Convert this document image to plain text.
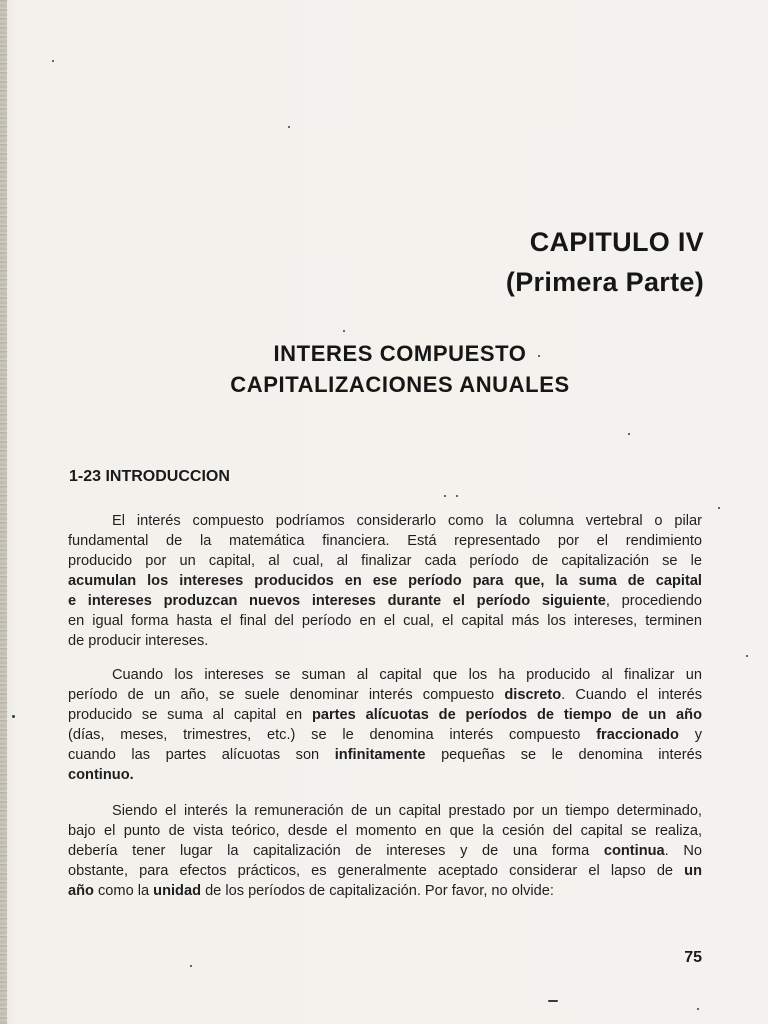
CAPITULO IV
(Primera Parte)
INTERES COMPUESTO
CAPITALIZACIONES ANUALES
1-23 INTRODUCCION
El interés compuesto podríamos considerarlo como la columna vertebral o pilar
fundamental de la matemática financiera. Está representado por el rendimiento
producido por un capital, al cual, al finalizar cada período de capitalización se le
acumulan los intereses producidos en ese período para que, la suma de capital
e intereses produzcan nuevos intereses durante el período siguiente, procediendo
en igual forma hasta el final del período en el cual, el capital más los intereses, terminen
de producir intereses.
Cuando los intereses se suman al capital que los ha producido al finalizar un
período de un año, se suele denominar interés compuesto discreto. Cuando el interés
producido se suma al capital en partes alícuotas de períodos de tiempo de un año
(días, meses, trimestres, etc.) se le denomina interés compuesto fraccionado y
cuando las partes alícuotas son infinitamente pequeñas se le denomina interés
continuo.
Siendo el interés la remuneración de un capital prestado por un tiempo determinado,
bajo el punto de vista teórico, desde el momento en que la cesión del capital se realiza,
debería tener lugar la capitalización de intereses y de una forma continua. No
obstante, para efectos prácticos, es generalmente aceptado considerar el lapso de un
año como la unidad de los períodos de capitalización. Por favor, no olvide:
75
